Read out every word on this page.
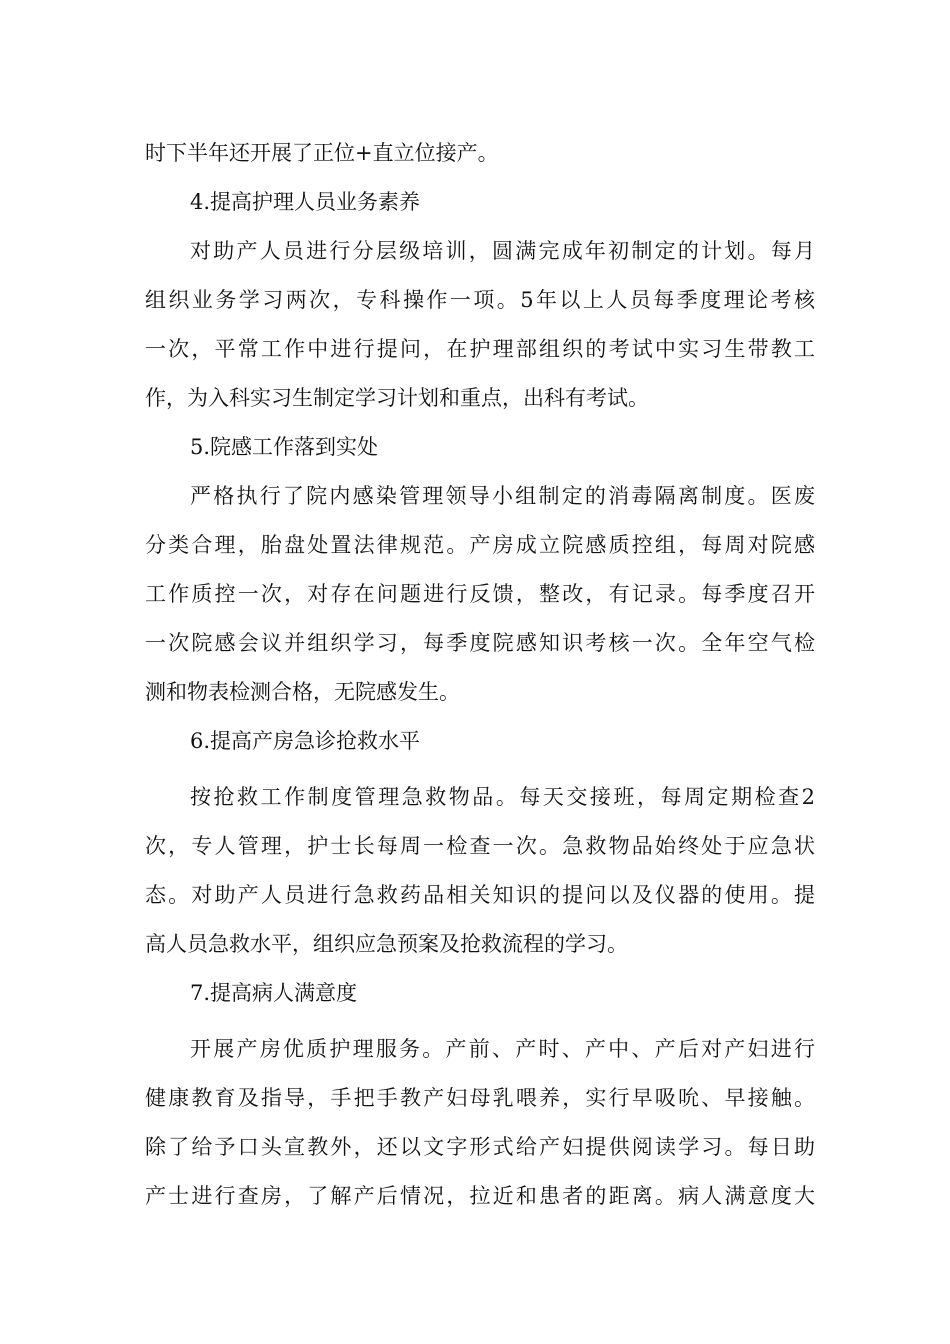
时下半年还开展了正位+直立位接产。
4.提高护理人员业务素养
对助产人员进行分层级培训，圆满完成年初制定的计划。每月
组织业务学习两次，专科操作一项。5年以上人员每季度理论考核
一次，平常工作中进行提问，在护理部组织的考试中实习生带教工
作，为入科实习生制定学习计划和重点，出科有考试。
5.院感工作落到实处
严格执行了院内感染管理领导小组制定的消毒隔离制度。医废
分类合理，胎盘处置法律规范。产房成立院感质控组，每周对院感
工作质控一次，对存在问题进行反馈，整改，有记录。每季度召开
一次院感会议并组织学习，每季度院感知识考核一次。全年空气检
测和物表检测合格，无院感发生。
6.提高产房急诊抢救水平
按抢救工作制度管理急救物品。每天交接班，每周定期检查2
次，专人管理，护士长每周一检查一次。急救物品始终处于应急状
态。对助产人员进行急救药品相关知识的提问以及仪器的使用。提
高人员急救水平，组织应急预案及抢救流程的学习。
7.提高病人满意度
开展产房优质护理服务。产前、产时、产中、产后对产妇进行
健康教育及指导，手把手教产妇母乳喂养，实行早吸吮、早接触。
除了给予口头宣教外，还以文字形式给产妇提供阅读学习。每日助
产士进行查房，了解产后情况，拉近和患者的距离。病人满意度大
